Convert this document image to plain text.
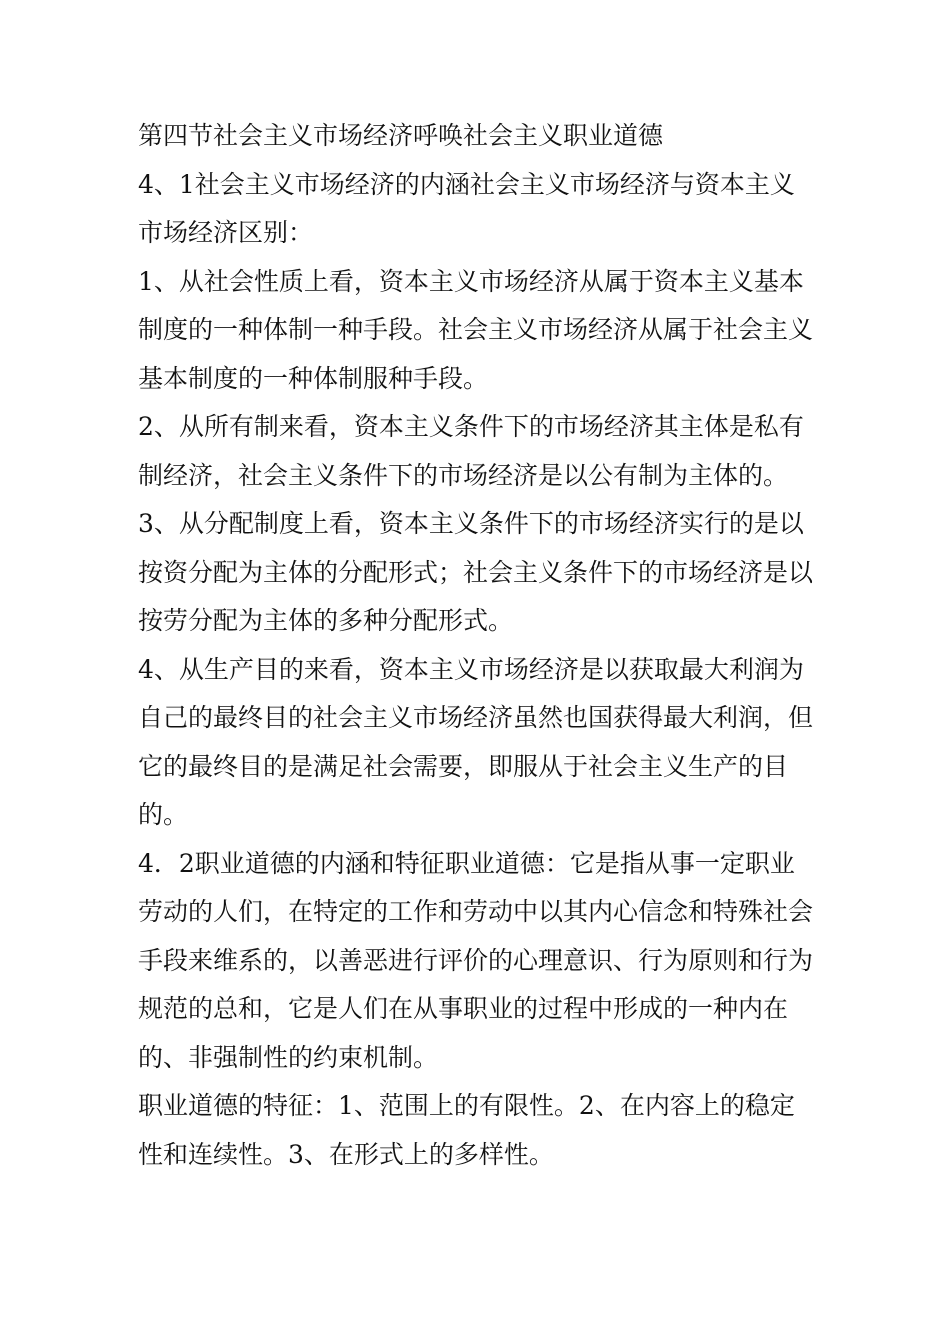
第四节社会主义市场经济呼唤社会主义职业道德

4、1社会主义市场经济的内涵社会主义市场经济与资本主义市场经济区别：

1、从社会性质上看，资本主义市场经济从属于资本主义基本制度的一种体制一种手段。社会主义市场经济从属于社会主义基本制度的一种体制服种手段。

2、从所有制来看，资本主义条件下的市场经济其主体是私有制经济，社会主义条件下的市场经济是以公有制为主体的。

3、从分配制度上看，资本主义条件下的市场经济实行的是以按资分配为主体的分配形式；社会主义条件下的市场经济是以按劳分配为主体的多种分配形式。

4、从生产目的来看，资本主义市场经济是以获取最大利润为自己的最终目的社会主义市场经济虽然也国获得最大利润，但它的最终目的是满足社会需要，即服从于社会主义生产的目的。

4．2职业道德的内涵和特征职业道德：它是指从事一定职业劳动的人们，在特定的工作和劳动中以其内心信念和特殊社会手段来维系的，以善恶进行评价的心理意识、行为原则和行为规范的总和，它是人们在从事职业的过程中形成的一种内在的、非强制性的约束机制。

职业道德的特征：1、范围上的有限性。2、在内容上的稳定性和连续性。3、在形式上的多样性。
